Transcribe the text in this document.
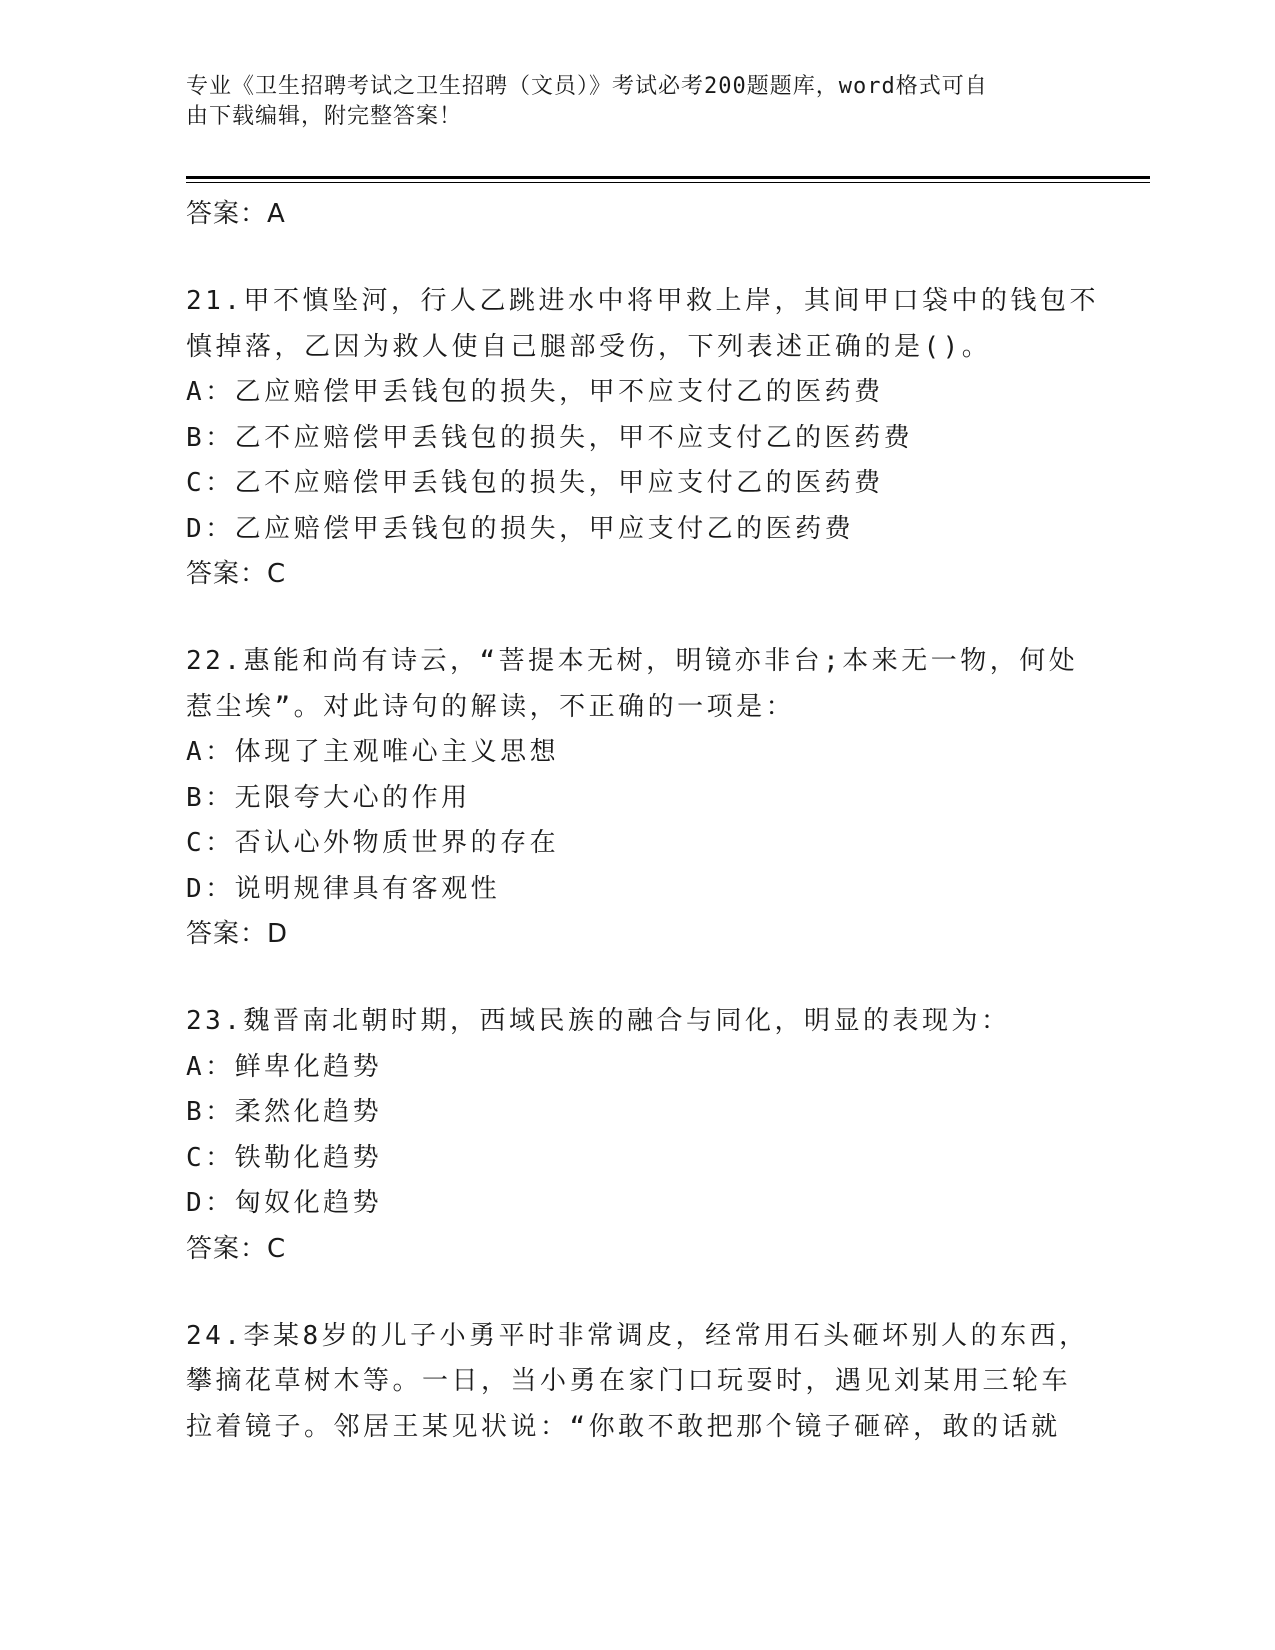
专业《卫生招聘考试之卫生招聘（文员）》考试必考200题题库，word格式可自
由下载编辑，附完整答案！
答案：A
21.甲不慎坠河，行人乙跳进水中将甲救上岸，其间甲口袋中的钱包不
慎掉落，乙因为救人使自己腿部受伤，下列表述正确的是()。
A：乙应赔偿甲丢钱包的损失，甲不应支付乙的医药费
B：乙不应赔偿甲丢钱包的损失，甲不应支付乙的医药费
C：乙不应赔偿甲丢钱包的损失，甲应支付乙的医药费
D：乙应赔偿甲丢钱包的损失，甲应支付乙的医药费
答案：C
22.惠能和尚有诗云，“菩提本无树，明镜亦非台;本来无一物，何处
惹尘埃”。对此诗句的解读，不正确的一项是：
A：体现了主观唯心主义思想
B：无限夸大心的作用
C：否认心外物质世界的存在
D：说明规律具有客观性
答案：D
23.魏晋南北朝时期，西域民族的融合与同化，明显的表现为：
A：鲜卑化趋势
B：柔然化趋势
C：铁勒化趋势
D：匈奴化趋势
答案：C
24.李某8岁的儿子小勇平时非常调皮，经常用石头砸坏别人的东西，
攀摘花草树木等。一日，当小勇在家门口玩耍时，遇见刘某用三轮车
拉着镜子。邻居王某见状说：“你敢不敢把那个镜子砸碎，敢的话就
